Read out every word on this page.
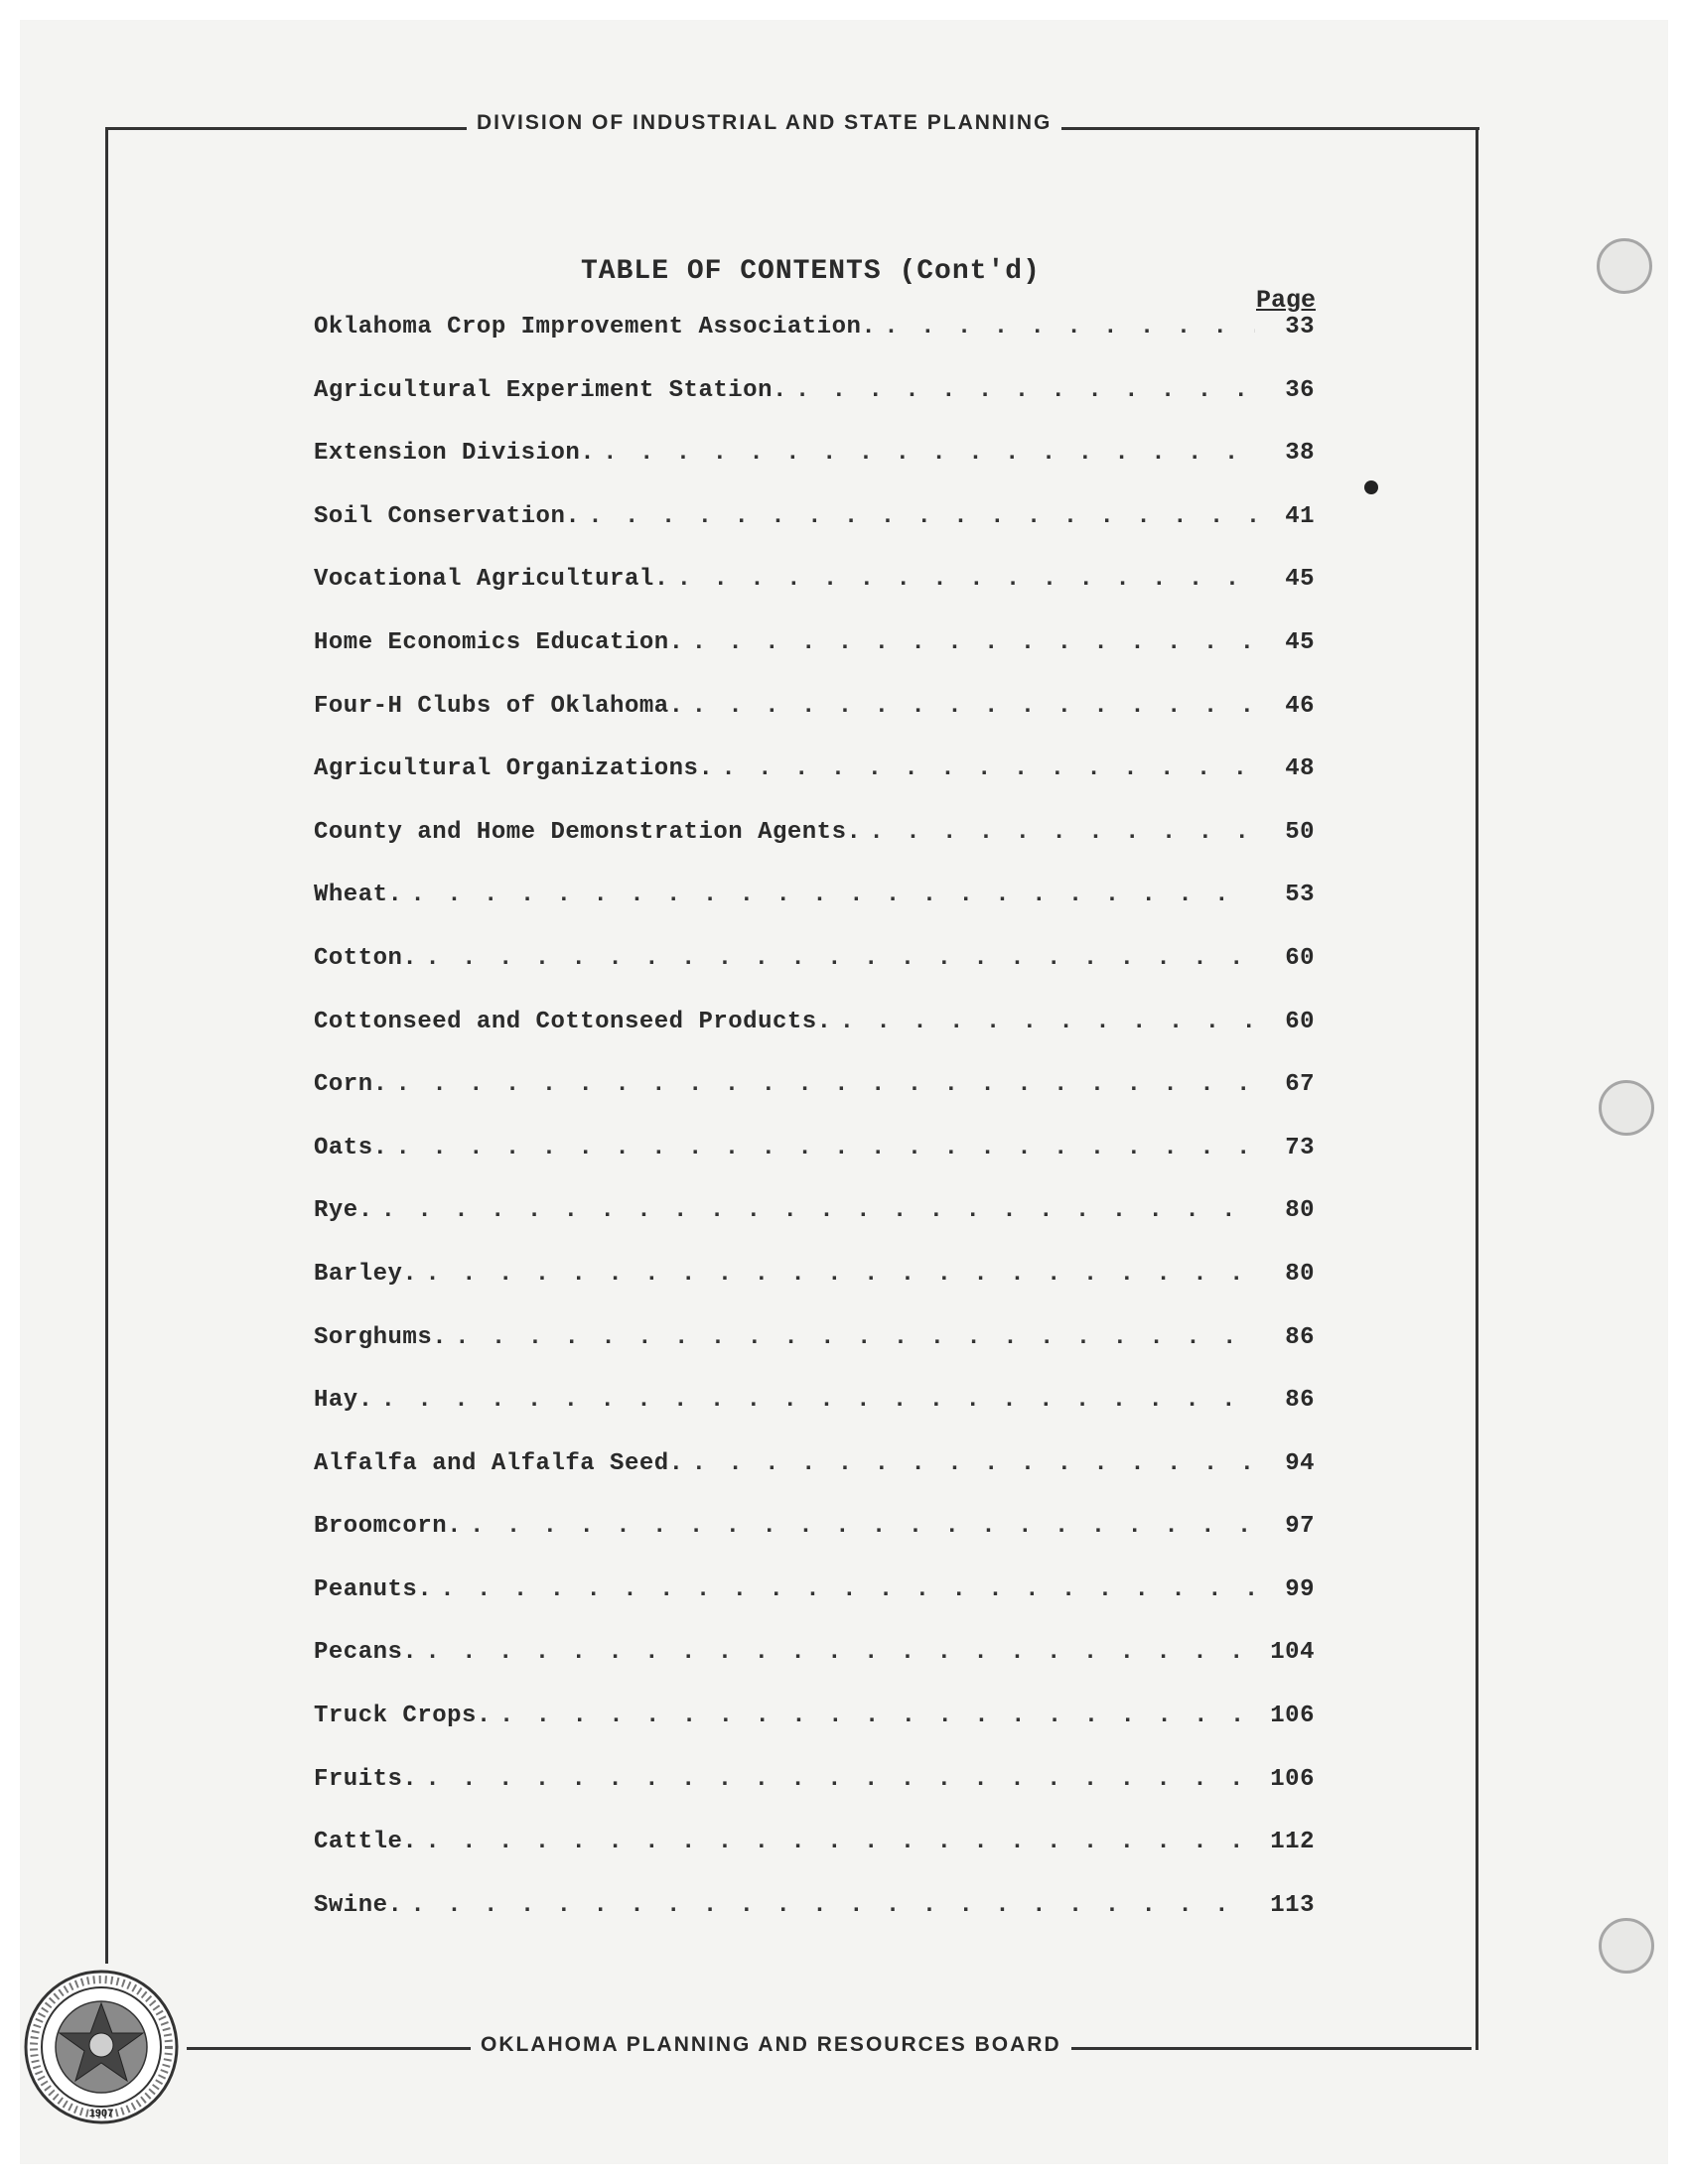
DIVISION OF INDUSTRIAL AND STATE PLANNING
OKLAHOMA PLANNING AND RESOURCES BOARD
TABLE OF CONTENTS (Cont'd)
Page
Oklahoma Crop Improvement Association. . . .	33
Agricultural Experiment Station. . . .	36
Extension Division. . . .	38
Soil Conservation. . . .	41
Vocational Agricultural. . . .	45
Home Economics Education. . . .	45
Four-H Clubs of Oklahoma. . . .	46
Agricultural Organizations. . . .	48
County and Home Demonstration Agents. . . .	50
Wheat. . . .	53
Cotton. . . .	60
Cottonseed and Cottonseed Products. . . .	60
Corn. . . .	67
Oats. . . .	73
Rye. . . .	80
Barley. . . .	80
Sorghums. . . .	86
Hay. . . .	86
Alfalfa and Alfalfa Seed. . . .	94
Broomcorn. . . .	97
Peanuts. . . .	99
Pecans. . . .	104
Truck Crops. . . .	106
Fruits. . . .	106
Cattle. . . .	112
Swine. . . .	113
1907
